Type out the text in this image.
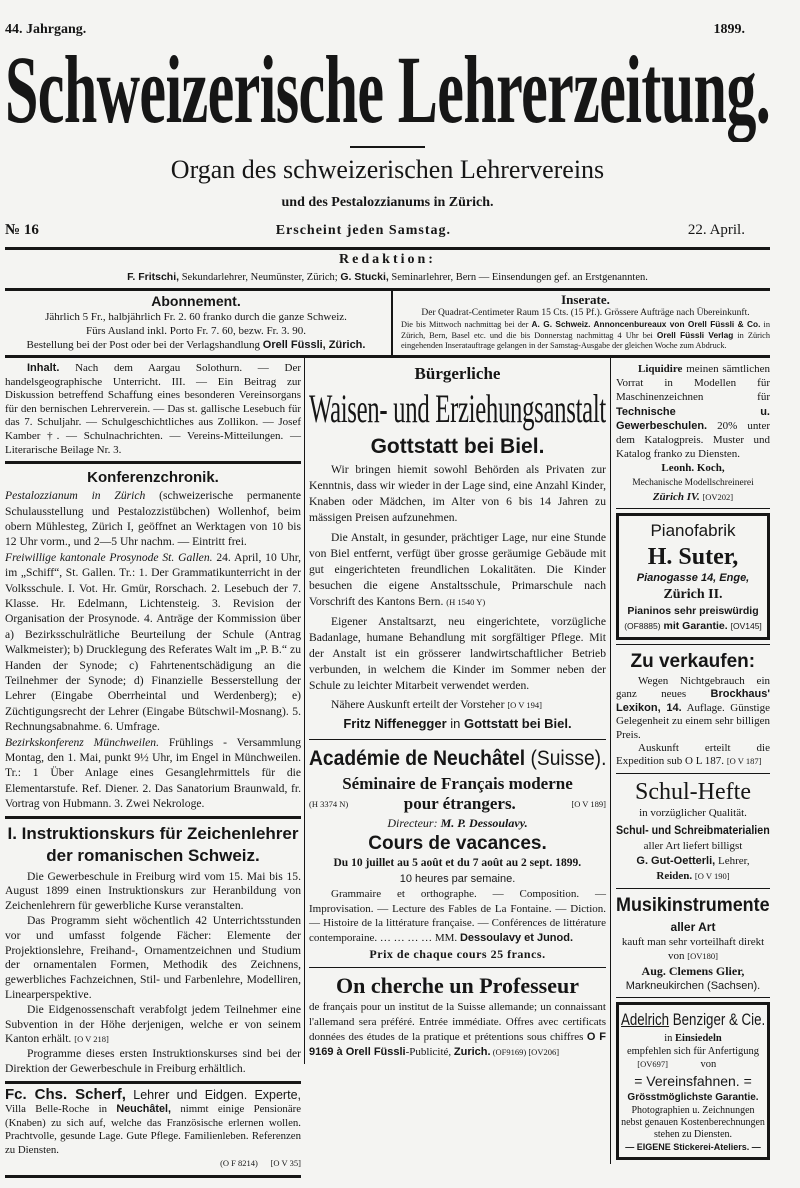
44. Jahrgang.	1899.
Schweizerische Lehrerzeitung.
Organ des schweizerischen Lehrervereins
und des Pestalozzianums in Zürich.
№ 16	Erscheint jeden Samstag.	22. April.
Redaktion:
F. Fritschi, Sekundarlehrer, Neumünster, Zürich; G. Stucki, Seminarlehrer, Bern — Einsendungen gef. an Erstgenannten.
Abonnement.
Jährlich 5 Fr., halbjährlich Fr. 2. 60 franko durch die ganze Schweiz.
Fürs Ausland inkl. Porto Fr. 7. 60, bezw. Fr. 3. 90.
Bestellung bei der Post oder bei der Verlagshandlung Orell Füssli, Zürich.
Inserate.
Der Quadrat-Centimeter Raum 15 Cts. (15 Pf.). Grössere Aufträge nach Übereinkunft.
Die bis Mittwoch nachmittag bei der A. G. Schweiz. Annoncenbureaux von Orell Füssli & Co. in Zürich, Bern, Basel etc. und die bis Donnerstag nachmittag 4 Uhr bei Orell Füssli Verlag in Zürich eingehenden Inseratauftrage gelangen in der Samstag-Ausgabe der gleichen Woche zum Abdruck.

Inhalt. Nach dem Aargau Solothurn. — Der handelsgeographische Unterricht. III. — Ein Beitrag zur Diskussion betreffend Schaffung eines besonderen Vereinsorgans für den bernischen Lehrerverein. — Das st. gallische Lesebuch für das 7. Schuljahr. — Schulgeschichtliches aus Zollikon. — Josef Kamber †. — Schulnachrichten. — Vereins-Mitteilungen. — Literarische Beilage Nr. 3.

Konferenzchronik.

Pestalozzianum in Zürich (schweizerische permanente Schulausstellung und Pestalozzistübchen) Wollenhof, beim obern Mühlesteg, Zürich I, geöffnet an Werktagen von 10 bis 12 Uhr vorm., und 2—5 Uhr nachm. — Eintritt frei.

Freiwillige kantonale Prosynode St. Gallen. 24. April, 10 Uhr, im „Schiff“, St. Gallen. Tr.: 1. Der Grammatikunterricht in der Volksschule. I. Vot. Hr. Gmür, Rorschach. 2. Lesebuch der 7. Klasse. Hr. Edelmann, Lichtensteig. 3. Revision der Organisation der Prosynode. 4. Anträge der Kommission über a) Bezirksschulrätliche Beurteilung der Schule (Antrag Walkmeister); b) Drucklegung des Referates Walt im „P. B.“ zu Handen der Synode; c) Fahrtenentschädigung an die Teilnehmer der Synode; d) Finanzielle Besserstellung der Lehrer (Eingabe Oberrheintal und Werdenberg); e) Züchtigungsrecht der Lehrer (Eingabe Bütschwil-Mosnang). 5. Rechnungsabnahme. 6. Umfrage.

Bezirkskonferenz Münchweilen. Frühlings - Versammlung Montag, den 1. Mai, punkt 9½ Uhr, im Engel in Münchweilen. Tr.: 1 Über Anlage eines Gesanglehrmittels für die Elementarstufe. Ref. Diener. 2. Das Sanatorium Braunwald, fr. Vortrag von Hubmann. 3. Zwei Nekrologe.

I. Instruktionskurs für Zeichenlehrer der romanischen Schweiz.

Die Gewerbeschule in Freiburg wird vom 15. Mai bis 15. August 1899 einen Instruktionskurs zur Heranbildung von Zeichenlehrern für gewerbliche Kurse veranstalten.

Das Programm sieht wöchentlich 42 Unterrichtsstunden vor und umfasst folgende Fächer: Elemente der Projektionslehre, Freihand-, Ornamentzeichnen und Studium der ornamentalen Formen, Methodik des Zeichnens, gewerbliches Fachzeichnen, Stil- und Farbenlehre, Modelliren, Linearperspektive.

Die Eidgenossenschaft verabfolgt jedem Teilnehmer eine Subvention in der Höhe derjenigen, welche er von seinem Kanton erhält. [O V 218]

Programme dieses ersten Instruktionskurses sind bei der Direktion der Gewerbeschule in Freiburg erhältlich.

Fc. Chs. Scherf, Lehrer und Eidgen. Experte, Villa Belle-Roche in Neuchâtel, nimmt einige Pensionäre (Knaben) zu sich auf, welche das Französische erlernen wollen. Prachtvolle, gesunde Lage. Gute Pflege. Familienleben. Referenzen zu Diensten.

(O F 8214)      [O V 35]

Bürgerliche

Waisen- und Erziehungsanstalt

Gottstatt bei Biel.

Wir bringen hiemit sowohl Behörden als Privaten zur Kenntnis, dass wir wieder in der Lage sind, eine Anzahl Kinder, Knaben oder Mädchen, im Alter von 6 bis 14 Jahren zu mässigen Preisen aufzunehmen.

Die Anstalt, in gesunder, prächtiger Lage, nur eine Stunde von Biel entfernt, verfügt über grosse geräumige Gebäude mit gut eingerichteten freundlichen Lokalitäten. Die Kinder besuchen die eigene Anstaltsschule, Primarschule nach Vorschrift des Kantons Bern. (H 1540 Y)

Eigener Anstaltsarzt, neu eingerichtete, vorzügliche Badanlage, humane Behandlung mit sorgfältiger Pflege. Mit der Anstalt ist ein grösserer landwirtschaftlicher Betrieb verbunden, in welchem die Kinder im Sommer neben der Schule zu leichter Mitarbeit verwendet werden.

Nähere Auskunft erteilt der Vorsteher [O V 194]

Fritz Niffenegger in Gottstatt bei Biel.

Académie de Neuchâtel (Suisse).

Séminaire de Français moderne

(H 3374 N)	pour étrangers.	[O V 189]

Directeur: M. P. Dessoulavy.

Cours de vacances.

Du 10 juillet au 5 août et du 7 août au 2 sept. 1899.

10 heures par semaine.

Grammaire et orthographe. — Composition. — Improvisation. — Lecture des Fables de La Fontaine. — Diction. — Histoire de la littérature française. — Conférences de littérature contemporaine. … … … … MM. Dessoulavy et Junod.

Prix de chaque cours 25 francs.

On cherche un Professeur

de français pour un institut de la Suisse allemande; un connaissant l'allemand sera préféré. Entrée immédiate. Offres avec certificats données des études de la pratique et prétentions sous chiffres O F 9169 à Orell Füssli-Publicité, Zurich. (OF9169) [OV206]

Liquidire meinen sämtlichen Vorrat in Modellen für Maschinenzeichnen für Technische u. Gewerbeschulen. 20% unter dem Katalogpreis. Muster und Katalog franko zu Diensten.

Leonh. Koch,

Mechanische Modellschreinerei

Zürich IV. [OV202]

Pianofabrik

H. Suter,

Pianogasse 14, Enge,

Zürich II.

Pianinos sehr preiswürdig

(OF8885) mit Garantie. [OV145]

Zu verkaufen:

Wegen Nichtgebrauch ein ganz neues Brockhaus' Lexikon, 14. Auflage. Günstige Gelegenheit zu einem sehr billigen Preis.

Auskunft erteilt die Expedition sub O L 187. [O V 187]

Schul-Hefte

in vorzüglicher Qualität.

Schul- und Schreibmaterialien

aller Art liefert billigst

G. Gut-Oetterli, Lehrer,

Reiden. [O V 190]

Musikinstrumente

aller Art

kauft man sehr vorteilhaft direkt von [OV180]

Aug. Clemens Glier,

Markneukirchen (Sachsen).

Adelrich Benziger & Cie.

in Einsiedeln

empfehlen sich für Anfertigung

[OV697]	von

= Vereinsfahnen. =

Grösstmöglichste Garantie.

Photographien u. Zeichnungen nebst genauen Kostenberechnungen stehen zu Diensten.

— EIGENE Stickerei-Ateliers. —
